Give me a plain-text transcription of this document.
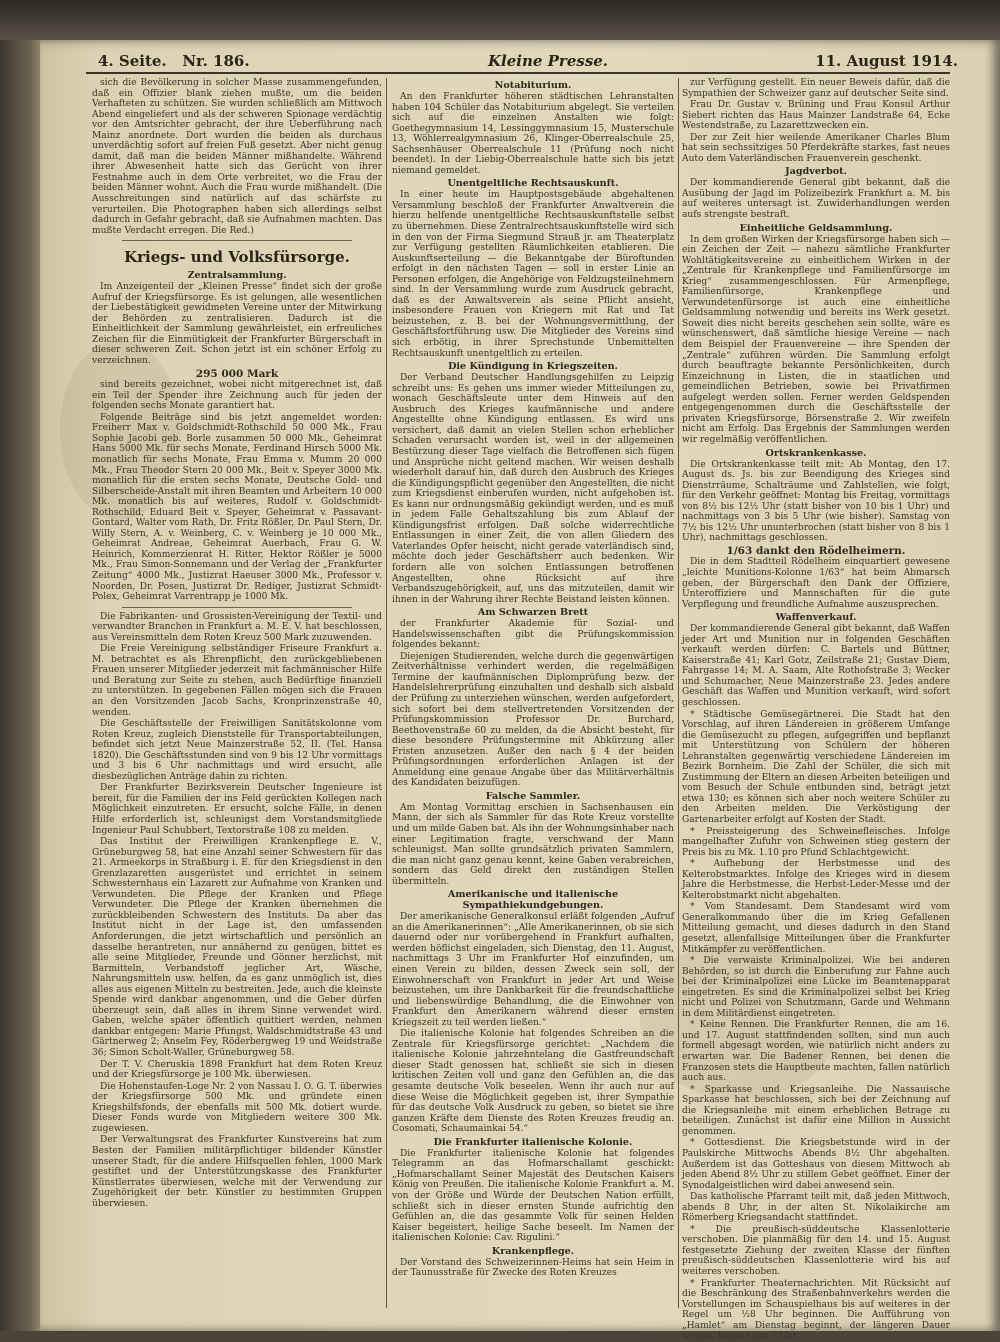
4. Seite. Nr. 186.	Kleine Presse.	11. August 1914.

sich die Bevölkerung in solcher Masse zusammengefunden, daß ein Offizier blank ziehen mußte, um die beiden Verhafteten zu schützen. Sie wurden schließlich am Mittwoch Abend eingeliefert und als der schweren Spionage verdächtig vor den Amtsrichter gebracht, der ihre Ueberführung nach Mainz anordnete. Dort wurden die beiden als durchaus unverdächtig sofort auf freien Fuß gesetzt. Aber nicht genug damit, daß man die beiden Männer mißhandelte. Während ihrer Abwesenheit hatte sich das Gerücht von ihrer Festnahme auch in dem Orte verbreitet, wo die Frau der beiden Männer wohnt. Auch die Frau wurde mißhandelt. (Die Ausschreitungen sind natürlich auf das schärfste zu verurteilen. Die Photographen haben sich allerdings selbst dadurch in Gefahr gebracht, daß sie Aufnahmen machten. Das mußte Verdacht erregen. Die Red.)

Kriegs- und Volksfürsorge.
Zentralsammlung.

Im Anzeigenteil der „Kleinen Presse“ findet sich der große Aufruf der Kriegsfürsorge. Es ist gelungen, alle wesentlichen der Liebestätigkeit gewidmeten Vereine unter der Mitwirkung der Behörden zu zentralisieren. Dadurch ist die Einheitlichkeit der Sammlung gewährleistet, ein erfreuliches Zeichen für die Einmütigkeit der Frankfurter Bürgerschaft in dieser schweren Zeit. Schon jetzt ist ein schöner Erfolg zu verzeichnen.

295 000 Mark

sind bereits gezeichnet, wobei nicht mitgerechnet ist, daß ein Teil der Spender ihre Zeichnung auch für jeden der folgenden sechs Monate garantiert hat.

Folgende Beiträge sind bis jetzt angemeldet worden: Freiherr Max v. Goldschmidt-Rothschild 50 000 Mk., Frau Sophie Jacobi geb. Borle zusammen 50 000 Mk., Geheimrat Hans 5000 Mk. für sechs Monate, Ferdinand Hirsch 5000 Mk. monatlich für sechs Monate, Frau Emma v. Mumm 20 000 Mk., Frau Theodor Stern 20 000 Mk., Beit v. Speyer 3000 Mk. monatlich für die ersten sechs Monate, Deutsche Gold- und Silberscheide-Anstalt mit ihren Beamten und Arbeitern 10 000 Mk. monatlich bis auf weiteres, Rudolf v. Goldschmidt-Rothschild, Eduard Beit v. Speyer, Geheimrat v. Passavant-Gontard, Walter vom Rath, Dr. Fritz Rößler, Dr. Paul Stern, Dr. Willy Stern, A. v. Weinberg, C. v. Weinberg je 10 000 Mk., Geheimrat Andreae, Geheimrat Auerbach, Frau G. W. Heinrich, Kommerzienrat H. Ritter, Hektor Rößler je 5000 Mk., Frau Simon-Sonnemann und der Verlag der „Frankfurter Zeitung“ 4000 Mk., Justizrat Haeuser 3000 Mk., Professor v. Noorden, Dr. Posen, Justizrat Dr. Rediger, Justizrat Schmidt-Polex, Geheimrat Varrentrapp je 1000 Mk.

Die Fabrikanten- und Grossisten-Vereinigung der Textil- und verwandter Branchen in Frankfurt a. M. E. V. hat beschlossen, aus Vereinsmitteln dem Roten Kreuz 500 Mark zuzuwenden.

Die Freie Vereinigung selbständiger Friseure Frankfurt a. M. betrachtet es als Ehrenpflicht, den zurückgebliebenen Frauen unserer Mitglieder jederzeit mit fachmännischer Hilfe und Beratung zur Seite zu stehen, auch Bedürftige finanziell zu unterstützen. In gegebenen Fällen mögen sich die Frauen an den Vorsitzenden Jacob Sachs, Kronprinzenstraße 40, wenden.

Die Geschäftsstelle der Freiwilligen Sanitätskolonne vom Roten Kreuz, zugleich Dienststelle für Transportabteilungen, befindet sich jetzt Neue Mainzerstraße 52, II. (Tel. Hansa 1820). Die Geschäftsstunden sind von 9 bis 12 Uhr vormittags und 3 bis 6 Uhr nachmittags und wird ersucht, alle diesbezüglichen Anträge dahin zu richten.

Der Frankfurter Bezirksverein Deutscher Ingenieure ist bereit, für die Familien der ins Feld gerückten Kollegen nach Möglichkeit einzutreten. Er ersucht, solche Fälle, in denen Hilfe erforderlich ist, schleunigst dem Vorstandsmitgliede Ingenieur Paul Schubbert, Textorstraße 108 zu melden.

Das Institut der Freiwilligen Krankenpflege E. V., Grüneburgweg 58, hat eine Anzahl seiner Schwestern für das 21. Armeekorps in Straßburg i. E. für den Kriegsdienst in den Grenzlazaretten ausgerüstet und errichtet in seinem Schwesternhaus ein Lazarett zur Aufnahme von Kranken und Verwundeten. Die Pflege der Kranken und Pflege Verwundeter. Die Pflege der Kranken übernehmen die zurückbleibenden Schwestern des Instituts. Da aber das Institut nicht in der Lage ist, den umfassenden Anforderungen, die jetzt wirtschaftlich und persönlich an dasselbe herantreten, nur annähernd zu genügen, bittet es alle seine Mitglieder, Freunde und Gönner herzlichst, mit Barmitteln, Verbandstoff jeglicher Art, Wäsche, Nahrungsmitteln usw. helfen, da es ganz unmöglich ist, dies alles aus eigenen Mitteln zu bestreiten. Jede, auch die kleinste Spende wird dankbar angenommen, und die Geber dürfen überzeugt sein, daß alles in ihrem Sinne verwendet wird. Gaben, welche später öffentlich quittiert werden, nehmen dankbar entgegen: Marie Pfungst, Waldschmidtstraße 43 und Gärtnerweg 2; Anselm Fey, Röderbergweg 19 und Weidstraße 36; Simon Scholt-Waller, Grüneburgweg 58.

Der T. V. Cheruskia 1898 Frankfurt hat dem Roten Kreuz und der Kriegsfürsorge je 100 Mk. überwiesen.

Die Hohenstaufen-Loge Nr. 2 von Nassau I. O. G. T. überwies der Kriegsfürsorge 500 Mk. und gründete einen Kriegshilfsfonds, der ebenfalls mit 500 Mk. dotiert wurde. Dieser Fonds wurde von Mitgliedern weitere 300 Mk. zugewiesen.

Der Verwaltungsrat des Frankfurter Kunstvereins hat zum Besten der Familien militärpflichtiger bildender Künstler unserer Stadt, für die andere Hilfsquellen fehlen, 1000 Mark gestiftet und der Unterstützungskasse des Frankfurter Künstlerrates überwiesen, welche mit der Verwendung zur Zugehörigkeit der betr. Künstler zu bestimmten Gruppen überwiesen.

Notabiturium.

An den Frankfurter höheren städtischen Lehranstalten haben 104 Schüler das Notabiturium abgelegt. Sie verteilen sich auf die einzelnen Anstalten wie folgt: Goethegymnasium 14, Lessinggymnasium 15, Musterschule 13, Wöhlerrealgymnasium 26, Klinger-Oberrealschule 25, Sachsenhäuser Oberrealschule 11 (Prüfung noch nicht beendet). In der Liebig-Oberrealschule hatte sich bis jetzt niemand gemeldet.

Unentgeltliche Rechtsauskunft.

In einer heute im Hauptpostsgebäude abgehaltenen Versammlung beschloß der Frankfurter Anwaltverein die hierzu helfende unentgeltliche Rechtsauskunftstelle selbst zu übernehmen. Diese Zentralrechtsauskunftstelle wird sich in den von der Firma Siegmund Strauß jr. am Theaterplatz zur Verfügung gestellten Räumlichkeiten etablieren. Die Auskunftserteilung — die Bekanntgabe der Büroftunden erfolgt in den nächsten Tagen — soll in erster Linie an Personen erfolgen, die Angehörige von Feldzugsteilnehmern sind. In der Versammlung wurde zum Ausdruck gebracht, daß es der Anwaltsverein als seine Pflicht ansieht, insbesondere Frauen von Kriegern mit Rat und Tat beizustehen, z. B. bei der Wohnungsvermittlung, der Geschäftsfortführung usw. Die Mitglieder des Vereins sind sich erbötig, in ihrer Sprechstunde Unbemittelten Rechtsauskunft unentgeltlich zu erteilen.

Die Kündigung in Kriegszeiten.

Der Verband Deutscher Handlungsgehilfen zu Leipzig schreibt uns: Es gehen uns immer wieder Mitteilungen zu, wonach Geschäftsleute unter dem Hinweis auf den Ausbruch des Krieges kaufmännische und andere Angestellte ohne Kündigung entlassen. Es wird uns versichert, daß damit an vielen Stellen schon erheblicher Schaden verursacht worden ist, weil in der allgemeinen Bestürzung dieser Tage vielfach die Betroffenen sich fügen und Ansprüche nicht geltend machen. Wir weisen deshalb wiederholt darauf hin, daß durch den Ausbruch des Krieges die Kündigungspflicht gegenüber den Angestellten, die nicht zum Kriegsdienst einberufen wurden, nicht aufgehoben ist. Es kann nur ordnungsmäßig gekündigt werden, und es muß in jedem Falle Gehaltszahlung bis zum Ablauf der Kündigungsfrist erfolgen. Daß solche widerrechtliche Entlassungen in einer Zeit, die von allen Gliedern des Vaterlandes Opfer heischt, nicht gerade vaterländisch sind, möchte doch jeder Geschäftsherr auch bedenken. Wir fordern alle von solchen Entlassungen betroffenen Angestellten, ohne Rücksicht auf ihre Verbandszugehörigkeit, auf, uns das mitzuteilen, damit wir ihnen in der Wahrung ihrer Rechte Beistand leisten können.

Am Schwarzen Brett

der Frankfurter Akademie für Sozial- und Handelswissenschaften gibt die Prüfungskommission folgendes bekannt:

Diejenigen Studierenden, welche durch die gegenwärtigen Zeitverhältnisse verhindert werden, die regelmäßigen Termine der kaufmännischen Diplomprüfung bezw. der Handelslehrerprüfung einzuhalten und deshalb sich alsbald der Prüfung zu unterziehen wünschen, werden aufgefordert, sich sofort bei dem stellvertretenden Vorsitzenden der Prüfungskommission Professor Dr. Burchard, Beethovenstraße 60 zu melden, da die Absicht besteht, für diese besondere Prüfungstermine mit Abkürzung aller Fristen anzusetzen. Außer den nach § 4 der beiden Prüfungsordnungen erforderlichen Anlagen ist der Anmeldung eine genaue Angabe über das Militärverhältnis des Kandidaten beizufügen.

Falsche Sammler.

Am Montag Vormittag erschien in Sachsenhausen ein Mann, der sich als Sammler für das Rote Kreuz vorstellte und um milde Gaben bat. Als ihn der Wohnungsinhaber nach einer Legitimation fragte, verschwand der Mann schleunigst. Man sollte grundsätzlich privaten Sammlern, die man nicht ganz genau kennt, keine Gaben verabreichen, sondern das Geld direkt den zuständigen Stellen übermitteln.

Amerikanische und italienische Sympathiekundgebungen.

Der amerikanische Generalkonsul erläßt folgenden „Aufruf an die Amerikanerinnen“: „Alle Amerikanerinnen, ob sie sich dauernd oder nur vorübergehend in Frankfurt aufhalten, werden höflichst eingeladen, sich Dienstag, den 11. August, nachmittags 3 Uhr im Frankfurter Hof einzufinden, um einen Verein zu bilden, dessen Zweck sein soll, der Einwohnerschaft von Frankfurt in jeder Art und Weise beizustehen, um ihre Dankbarkeit für die freundschaftliche und liebenswürdige Behandlung, die die Einwohner von Frankfurt den Amerikanern während dieser ernsten Kriegszeit zu teil werden ließen.“

Die italienische Kolonie hat folgendes Schreiben an die Zentrale für Kriegsfürsorge gerichtet: „Nachdem die italienische Kolonie jahrzehntelang die Gastfreundschaft dieser Stadt genossen hat, schließt sie sich in diesen kritischen Zeiten voll und ganz den Gefühlen an, die das gesamte deutsche Volk beseelen. Wenn ihr auch nur auf diese Weise die Möglichkeit gegeben ist, ihrer Sympathie für das deutsche Volk Ausdruck zu geben, so bietet sie ihre ganzen Kräfte dem Dienste des Roten Kreuzes freudig an. Cosomati, Schaumainkai 54.“

Die Frankfurter italienische Kolonie.

Die Frankfurter italienische Kolonie hat folgendes Telegramm an das Hofmarschallamt geschickt: „Hofmarschallamt Seiner Majestät des Deutschen Kaisers König von Preußen. Die italienische Kolonie Frankfurt a. M. von der Größe und Würde der Deutschen Nation erfüllt, schließt sich in dieser ernsten Stunde aufrichtig den Gefühlen an, die das gesammte Volk für seinen Helden Kaiser begeistert, heilige Sache beseelt. Im Namen der italienischen Kolonie: Cav. Rigulini.“

Krankenpflege.

Der Vorstand des Schweizerinnen-Heims hat sein Heim in der Taunusstraße für Zwecke des Roten Kreuzes

zur Verfügung gestellt. Ein neuer Beweis dafür, daß die Sympathien der Schweizer ganz auf deutscher Seite sind.

Frau Dr. Gustav v. Brüning und Frau Konsul Arthur Siebert richten das Haus Mainzer Landstraße 64, Ecke Westendstraße, zu Lazarettzwecken ein.

Der zur Zeit hier weilende Amerikaner Charles Blum hat sein sechssitziges 50 Pferdekräfte starkes, fast neues Auto dem Vaterländischen Frauenverein geschenkt.

Jagdverbot.

Der kommandierende General gibt bekannt, daß die Ausübung der Jagd im Polizeibezirk Frankfurt a. M. bis auf weiteres untersagt ist. Zuwiderhandlungen werden aufs strengste bestraft.

Einheitliche Geldsammlung.

In dem großen Wirken der Kriegsfürsorge haben sich — ein Zeichen der Zeit — nahezu sämtliche Frankfurter Wohltätigkeitsvereine zu einheitlichem Wirken in der „Zentrale für Krankenpflege und Familienfürsorge im Krieg“ zusammengeschlossen. Für Armenpflege, Familienfürsorge, Krankenpflege und Verwundetenfürsorge ist auch eine einheitliche Geldsammlung notwendig und bereits ins Werk gesetzt. Soweit dies nicht bereits geschehen sein sollte, wäre es wünschenswert, daß sämtliche hiesige Vereine — nach dem Beispiel der Frauenvereine — ihre Spenden der „Zentrale“ zuführen würden. Die Sammlung erfolgt durch beauftragte bekannte Persönlichkeiten, durch Einzeichnung in Listen, die in staatlichen und gemeindlichen Betrieben, sowie bei Privatfirmen aufgelegt werden sollen. Ferner werden Geldspenden entgegengenommen durch die Geschäftsstelle der privaten Kriegsfürsorge, Börsenstraße 2. Wir zweifeln nicht am Erfolg. Das Ergebnis der Sammlungen werden wir regelmäßig veröffentlichen.

Ortskrankenkasse.

Die Ortskrankenkasse teilt mit: Ab Montag, den 17. August ds. Js. bis zur Beendigung des Krieges sind Dienstrräume, Schalträume und Zahlstellen, wie folgt, für den Verkehr geöffnet: Montag bis Freitag, vormittags von 8½ bis 12½ Uhr (statt bisher von 10 bis 1 Uhr) und nachmittags von 3 bis 5 Uhr (wie bisher). Samstag von 7½ bis 12½ Uhr ununterbrochen (statt bisher von 8 bis 1 Uhr), nachmittags geschlossen.

1/63 dankt den Rödelheimern.

Die in dem Stadtteil Rödelheim einquartiert gewesene „leichte Munitions-Kolonne 1/63“ hat beim Abmarsch geben, der Bürgerschaft den Dank der Offiziere, Unteroffiziere und Mannschaften für die gute Verpflegung und freundliche Aufnahme auszusprechen.

Waffenverkauf.

Der kommandierende General gibt bekannt, daß Waffen jeder Art und Munition nur in folgenden Geschäften verkauft werden dürfen: C. Bartels und Büttner, Kaiserstraße 41; Karl Gotz, Zeilstraße 21; Gustav Diem, Fahrgasse 14; M. A. Saam, Alte Rothofstraße 3; Wecker und Schumacher, Neue Mainzerstraße 23. Jedes andere Geschäft das Waffen und Munition verkauft, wird sofort geschlossen.

* Städtische Gemüsegärtnerei. Die Stadt hat den Vorschlag, auf ihren Ländereien in größerem Umfange die Gemüsezucht zu pflegen, aufgegriffen und bepflanzt mit Unterstützung von Schülern der höheren Lehranstalten gegenwärtig verschiedene Ländereien im Bezirk Bornheim. Die Zahl der Schüler, die sich mit Zustimmung der Eltern an diesen Arbeiten beteiligen und vom Besuch der Schule entbunden sind, beträgt jetzt etwa 130; es können sich aber noch weitere Schüler zu den Arbeiten melden. Die Verköstigung der Gartenarbeiter erfolgt auf Kosten der Stadt.

* Preissteigerung des Schweinefleisches. Infolge mangelhafter Zufuhr von Schweinen stieg gestern der Preis bis zu Mk. 1.10 pro Pfund Schlachtgewicht.

* Aufhebung der Herbstmesse und des Kelterobstmarktes. Infolge des Krieges wird in diesem Jahre die Herbstmesse, die Herbst-Leder-Messe und der Kelterobstmarkt nicht abgehalten.

* Vom Standesamt. Dem Standesamt wird vom Generalkommando über die im Krieg Gefallenen Mitteilung gemacht, und dieses dadurch in den Stand gesetzt, allenfallsige Mitteilungen über die Frankfurter Mitkämpfer zu veröffentlichen.

* Die verwaiste Kriminalpolizei. Wie bei anderen Behörden, so ist durch die Einberufung zur Fahne auch bei der Kriminalpolizei eine Lücke im Beamtenapparat eingetreten. Es sind die Kriminalpolizei selbst bei Krieg nicht und Polizei von Schutzmann, Garde und Wehmann in dem Militärdienst eingetreten.

* Keine Rennen. Die Frankfurter Rennen, die am 16. und 17. August stattfindenden sollten, sind nun auch formell abgesagt worden, wie natürlich nicht anders zu erwarten war. Die Badener Rennen, bei denen die Franzosen stets die Hauptbeute machten, fallen natürlich auch aus.

* Sparkasse und Kriegsanleihe. Die Nassauische Sparkasse hat beschlossen, sich bei der Zeichnung auf die Kriegsanleihe mit einem erheblichen Betrage zu beteiligen. Zunächst ist dafür eine Million in Aussicht genommen.

* Gottesdienst. Die Kriegsbetstunde wird in der Paulskirche Mittwochs Abends 8½ Uhr abgehalten. Außerdem ist das Gotteshaus von diesem Mittwoch ab jeden Abend 8½ Uhr zu stillem Gebet geöffnet. Einer der Synodalgeistlichen wird dabei anwesend sein.

Das katholische Pfarramt teilt mit, daß jeden Mittwoch, abends 8 Uhr, in der alten St. Nikolaikirche am Römerberg Kriegsandacht stattfindet.

* Die preußisch-süddeutsche Klassenlotterie verschoben. Die planmäßig für den 14. und 15. August festgesetzte Ziehung der zweiten Klasse der fünften preußisch-süddeutschen Klassenlotterie wird bis auf weiteres verschoben.

* Frankfurter Theaternachrichten. Mit Rücksicht auf die Beschränkung des Straßenbahnverkehrs werden die Vorstellungen im Schauspielhaus bis auf weiteres in der Regel um ½8 Uhr beginnen. Die Aufführung von „Hamlet“ am Dienstag beginnt, der längeren Dauer wegen, bereits um 7 Uhr.
